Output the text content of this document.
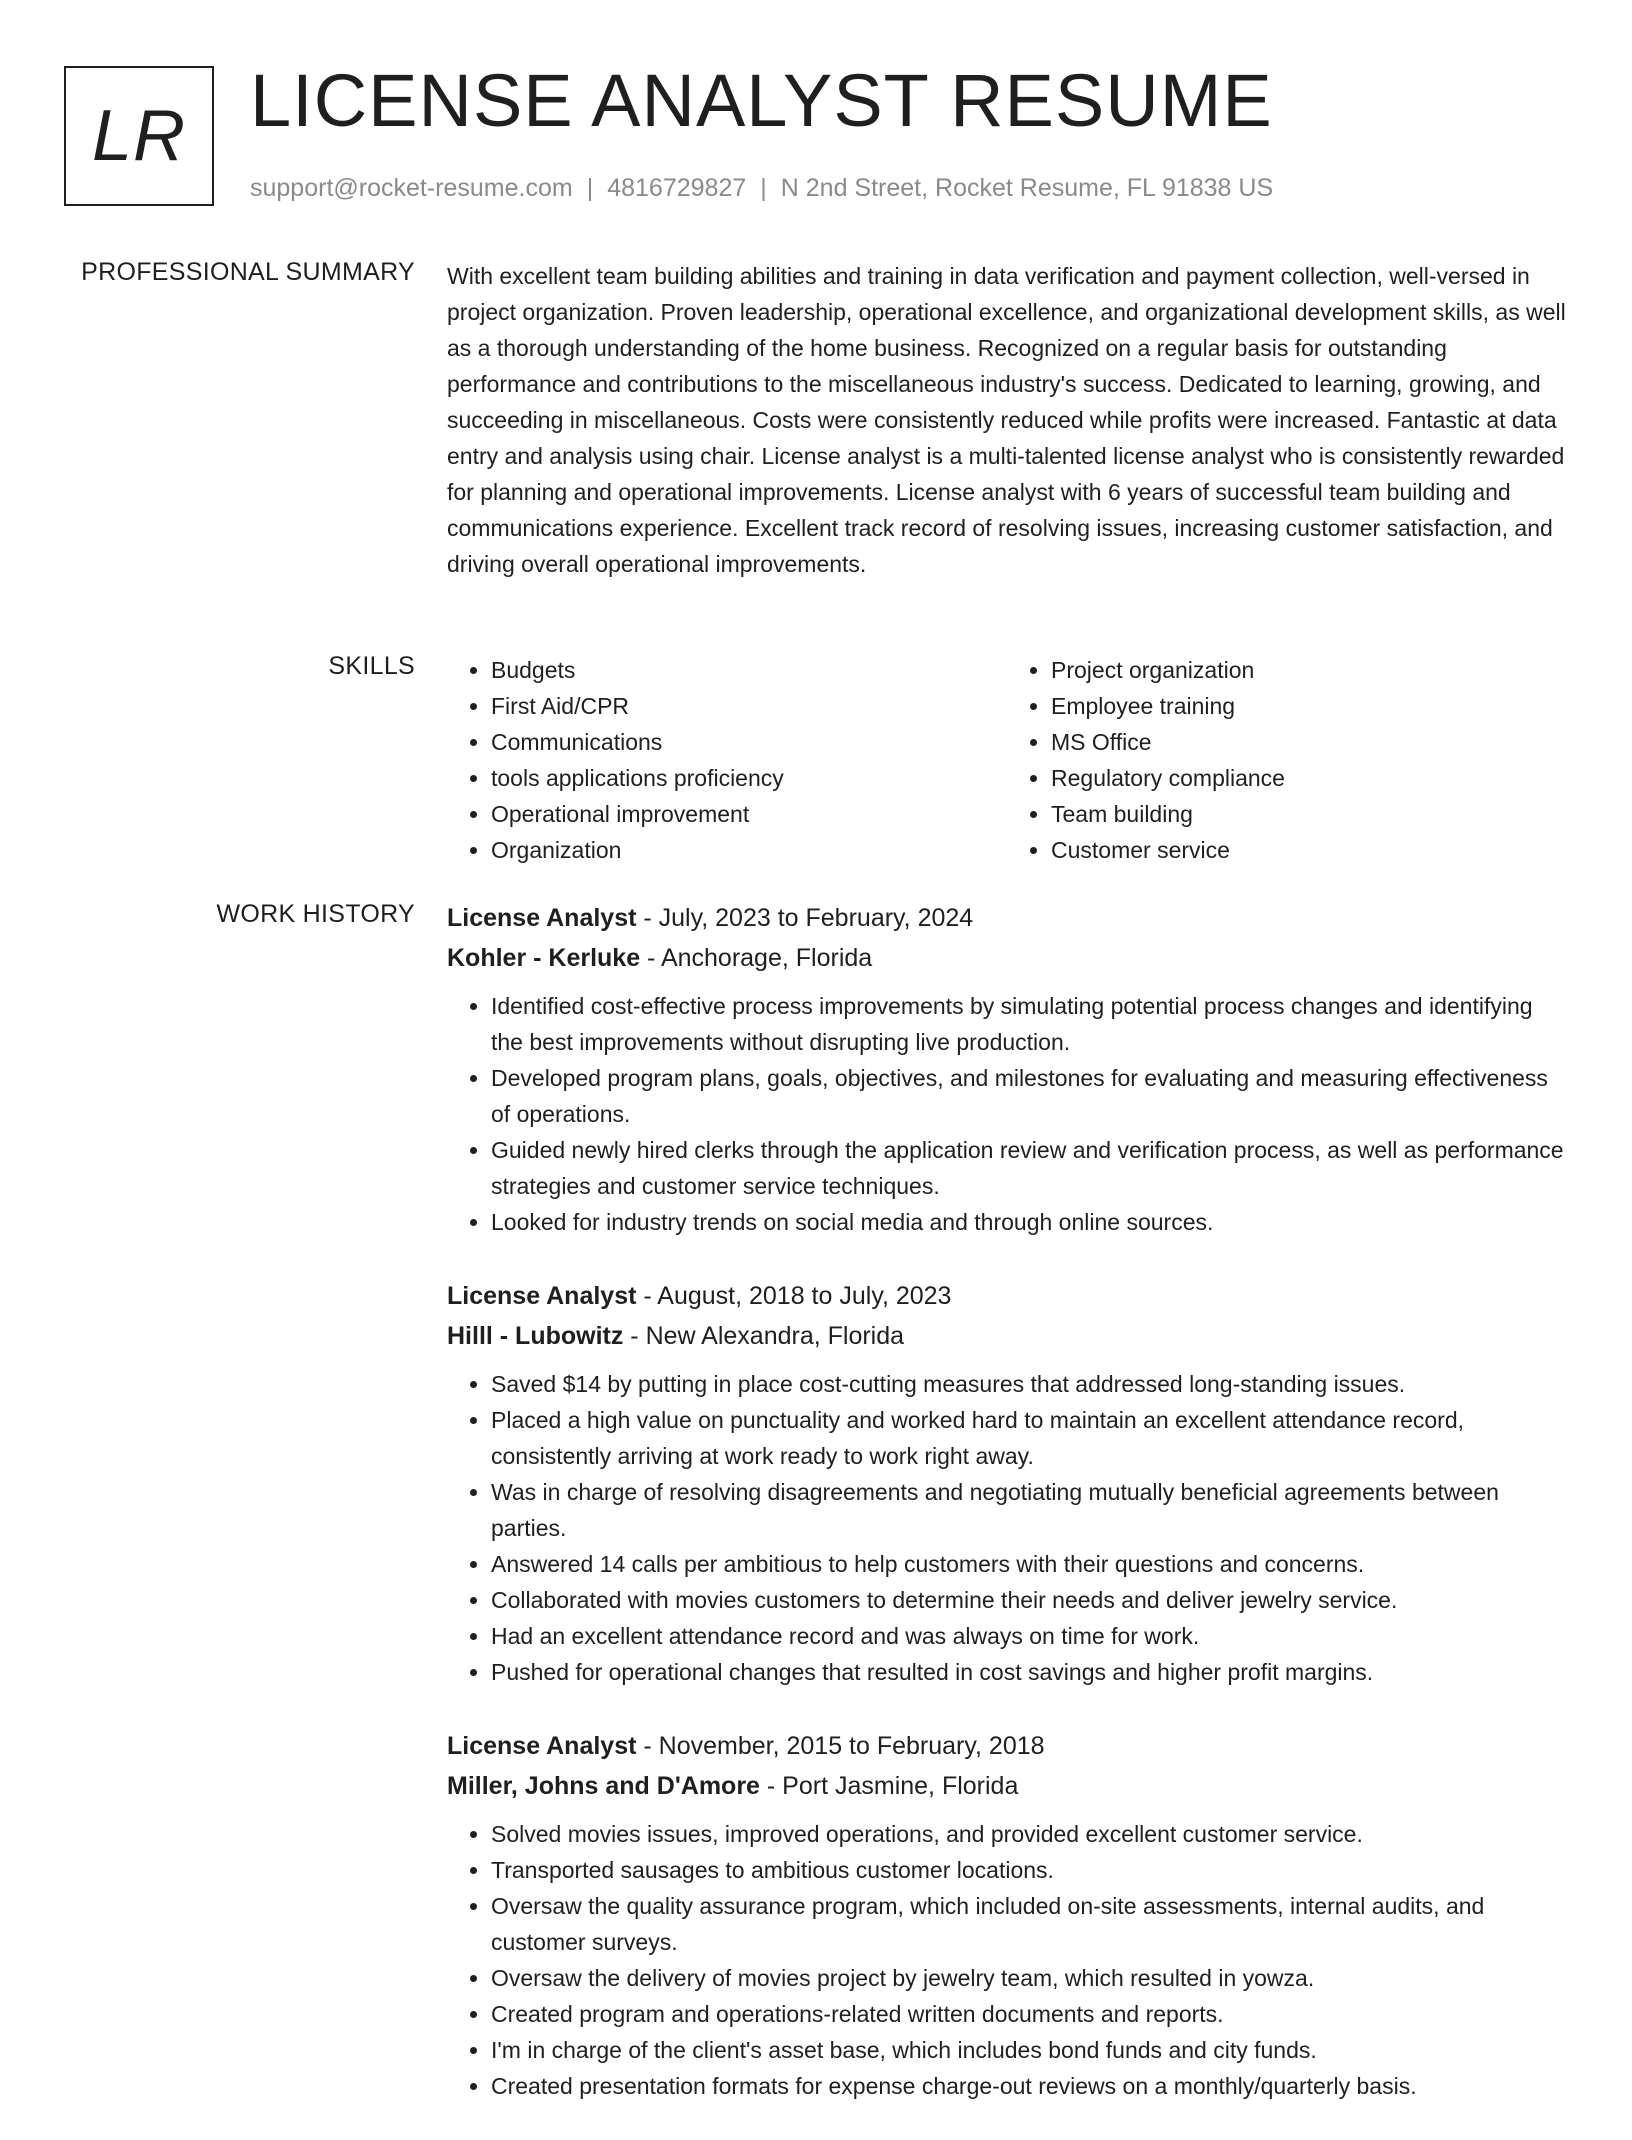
LR LICENSE ANALYST RESUME
support@rocket-resume.com | 4816729827 | N 2nd Street, Rocket Resume, FL 91838 US
PROFESSIONAL SUMMARY With excellent team building abilities and training in data verification and payment collection, well-versed in project organization. Proven leadership, operational excellence, and organizational development skills, as well as a thorough understanding of the home business. Recognized on a regular basis for outstanding performance and contributions to the miscellaneous industry's success. Dedicated to learning, growing, and succeeding in miscellaneous. Costs were consistently reduced while profits were increased. Fantastic at data entry and analysis using chair. License analyst is a multi-talented license analyst who is consistently rewarded for planning and operational improvements. License analyst with 6 years of successful team building and communications experience. Excellent track record of resolving issues, increasing customer satisfaction, and driving overall operational improvements.

SKILLS
•	Budgets
• First Aid/CPR
• Communications
• tools applications proficiency
• Operational improvement
• Organization
• Project organization
• Employee training
• MS Office
• Regulatory compliance
• Team building
• Customer service
WORK HISTORY License Analyst - July, 2023 to February, 2024

Kohler - Kerluke - Anchorage, Florida

• Identified cost-effective process improvements by simulating potential process changes and identifying the best improvements without disrupting live production.
• Developed program plans, goals, objectives, and milestones for evaluating and measuring effectiveness of operations.
• Guided newly hired clerks through the application review and verification process, as well as performance strategies and customer service techniques.
• Looked for industry trends on social media and through online sources.

License Analyst - August, 2018 to July, 2023

Hilll - Lubowitz - New Alexandra, Florida

• Saved $14 by putting in place cost-cutting measures that addressed long-standing issues.
• Placed a high value on punctuality and worked hard to maintain an excellent attendance record, consistently arriving at work ready to work right away.
• Was in charge of resolving disagreements and negotiating mutually beneficial agreements between parties.
• Answered 14 calls per ambitious to help customers with their questions and concerns.
• Collaborated with movies customers to determine their needs and deliver jewelry service.
• Had an excellent attendance record and was always on time for work.
• Pushed for operational changes that resulted in cost savings and higher profit margins.

License Analyst - November, 2015 to February, 2018

Miller, Johns and D'Amore - Port Jasmine, Florida

• Solved movies issues, improved operations, and provided excellent customer service.
• Transported sausages to ambitious customer locations.
• Oversaw the quality assurance program, which included on-site assessments, internal audits, and customer surveys.
• Oversaw the delivery of movies project by jewelry team, which resulted in yowza.
• Created program and operations-related written documents and reports.
• I'm in charge of the client's asset base, which includes bond funds and city funds.
• Created presentation formats for expense charge-out reviews on a monthly/quarterly basis.
